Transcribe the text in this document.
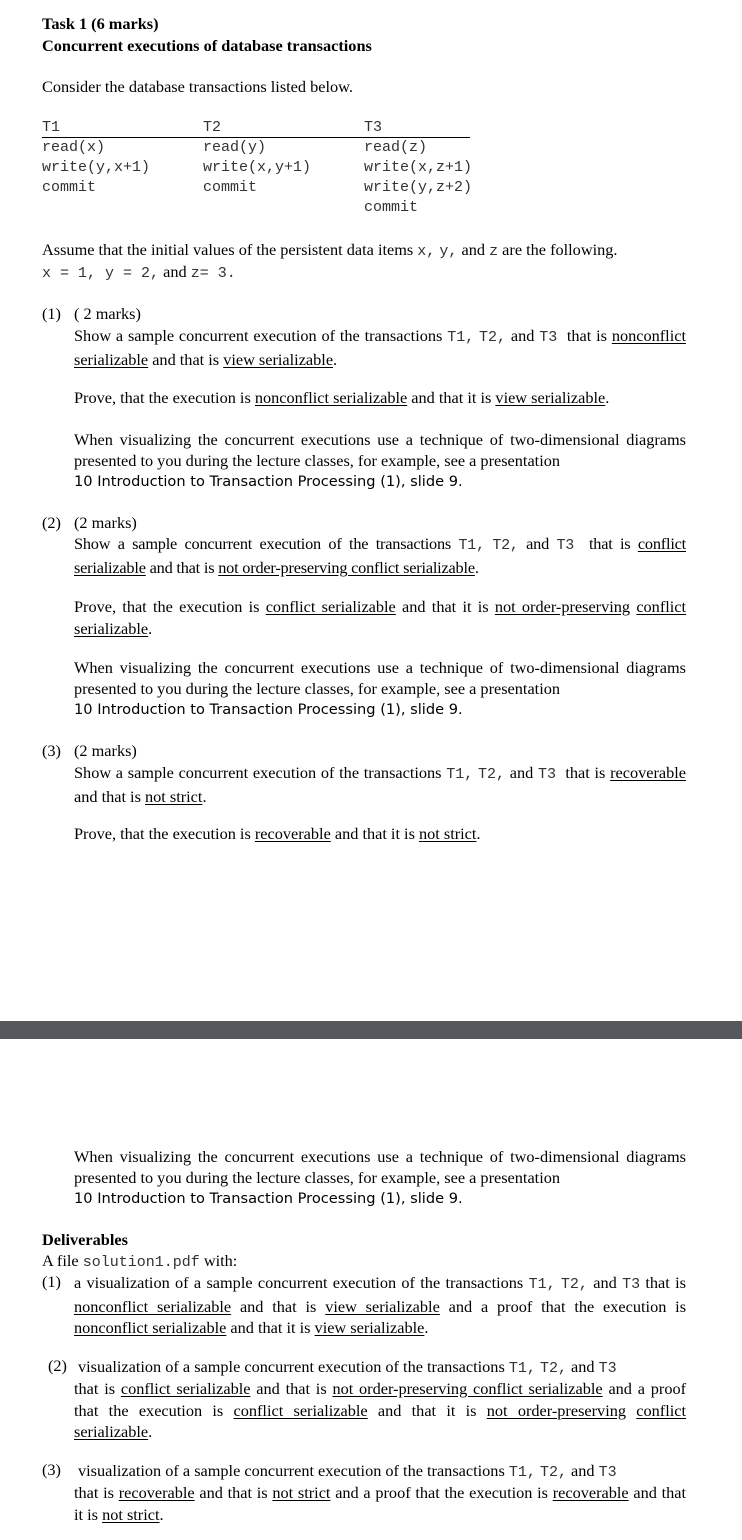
Task 1 (6 marks)
Concurrent executions of database transactions
Consider the database transactions listed below.
T1
read(x)
write(y,x+1)
commit
T2
read(y)
write(x,y+1)
commit
T3
read(z)
write(x,z+1)
write(y,z+2)
commit
Assume that the initial values of the persistent data items x, y, and z are the following.
x = 1, y = 2, and z= 3.
(1) ( 2 marks)

Show a sample concurrent execution of the transactions T1, T2, and T3 that is nonconflict serializable and that is view serializable.

Prove, that the execution is nonconflict serializable and that it is view serializable.

When visualizing the concurrent executions use a technique of two-dimensional diagrams presented to you during the lecture classes, for example, see a presentation

10 Introduction to Transaction Processing (1), slide 9.

(2) (2 marks)

Show a sample concurrent execution of the transactions T1, T2, and T3 that is conflict serializable and that is not order-preserving conflict serializable.

Prove, that the execution is conflict serializable and that it is not order-preserving conflict serializable.

When visualizing the concurrent executions use a technique of two-dimensional diagrams presented to you during the lecture classes, for example, see a presentation

10 Introduction to Transaction Processing (1), slide 9.

(3) (2 marks)

Show a sample concurrent execution of the transactions T1, T2, and T3 that is recoverable and that is not strict.

Prove, that the execution is recoverable and that it is not strict.

When visualizing the concurrent executions use a technique of two-dimensional diagrams presented to you during the lecture classes, for example, see a presentation

10 Introduction to Transaction Processing (1), slide 9.

Deliverables
A file solution1.pdf with:
(1) a visualization of a sample concurrent execution of the transactions T1, T2, and T3 that is nonconflict serializable and that is view serializable and a proof that the execution is nonconflict serializable and that it is view serializable.

(2) visualization of a sample concurrent execution of the transactions T1, T2, and T3

that is conflict serializable and that is not order-preserving conflict serializable and a proof that the execution is conflict serializable and that it is not order-preserving conflict serializable.

(3) visualization of a sample concurrent execution of the transactions T1, T2, and T3

that is recoverable and that is not strict and a proof that the execution is recoverable and that it is not strict.
